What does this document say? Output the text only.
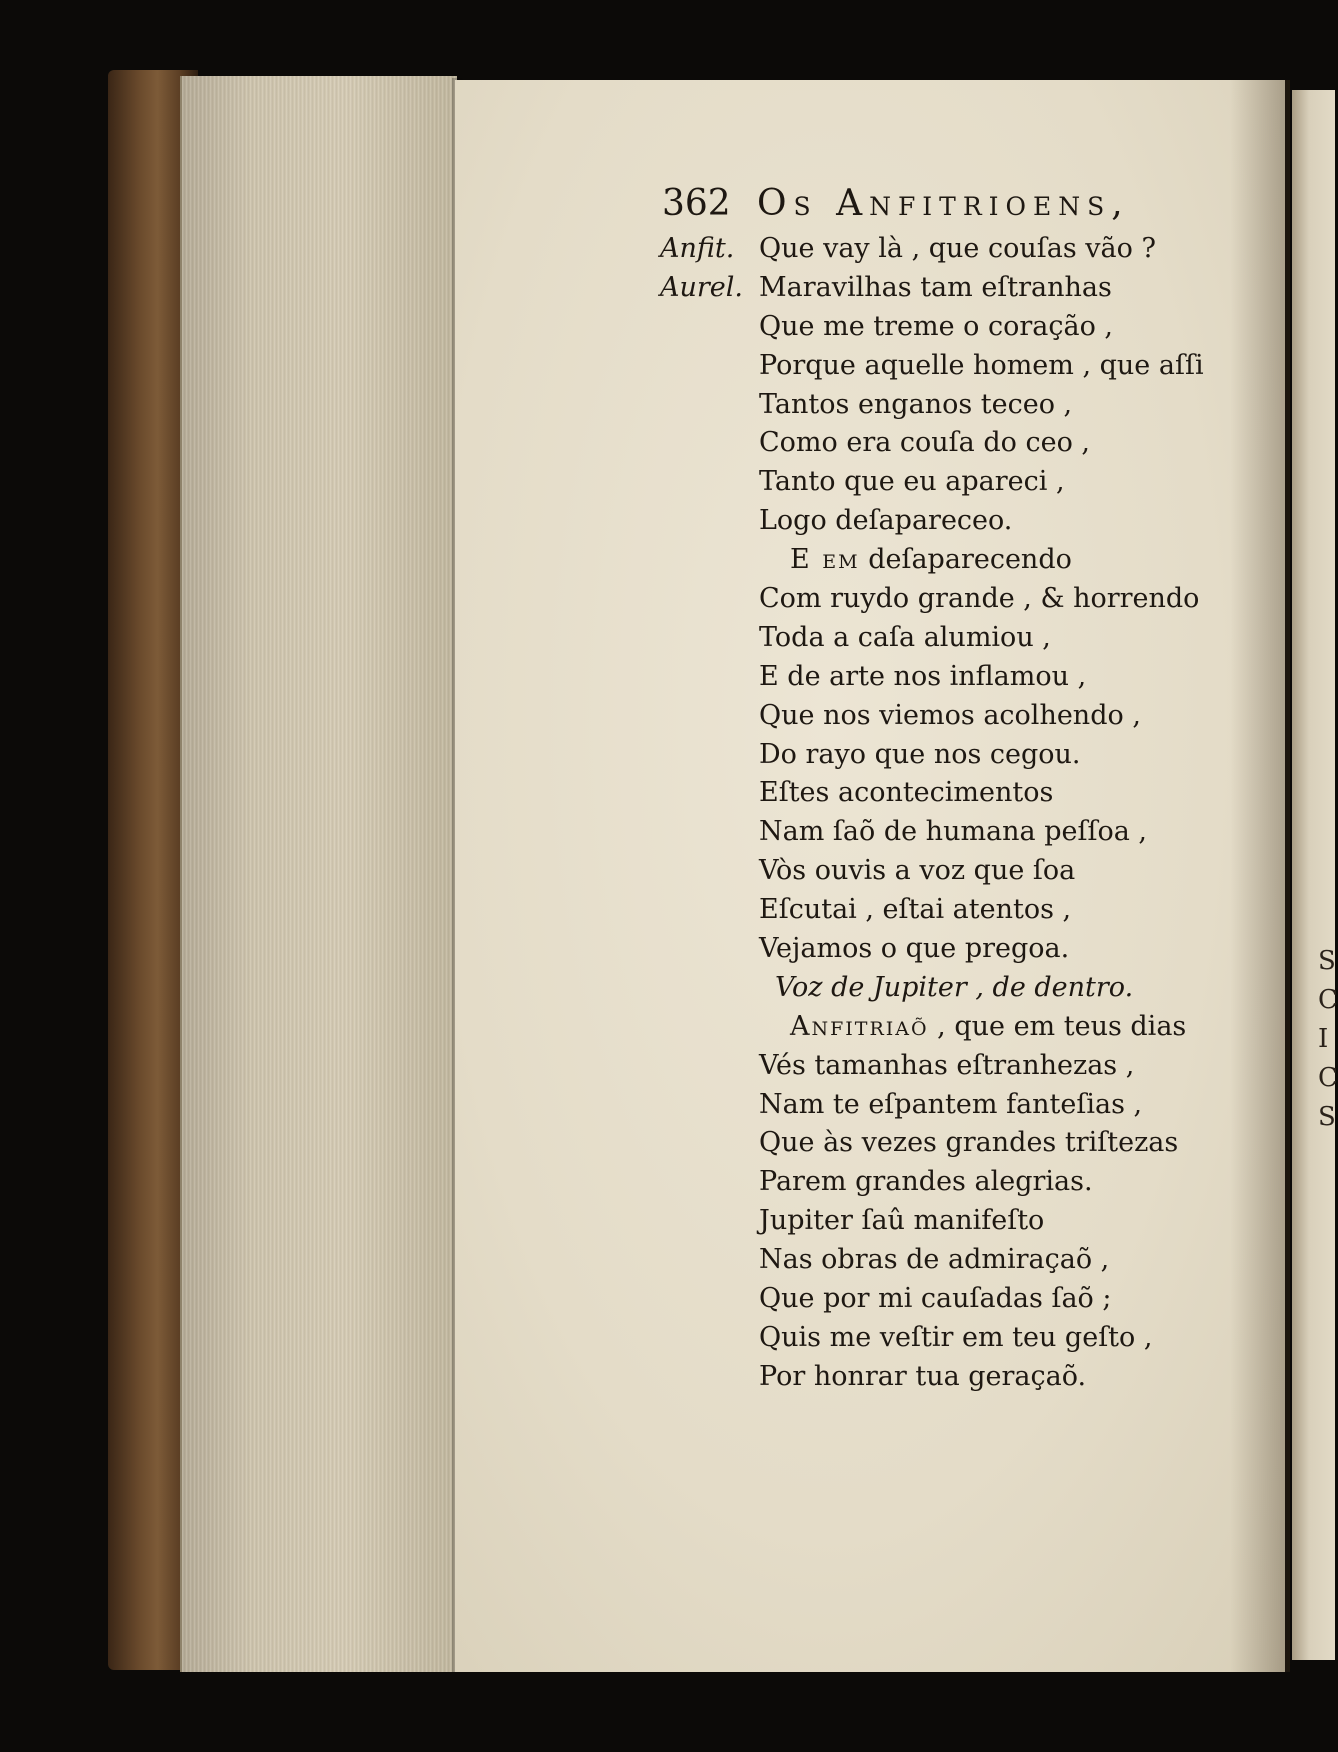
S
C
I
C
S
362 Os Anfitrioens,
Anfit. Que vay là , que couſas vão ?
Aurel. Maravilhas tam eſtranhas
Que me treme o coração ,
Porque aquelle homem , que aſſi
Tantos enganos teceo ,
Como era couſa do ceo ,
Tanto que eu apareci ,
Logo deſapareceo.
E em deſaparecendo
Com ruydo grande , & horrendo
Toda a caſa alumiou ,
E de arte nos inflamou ,
Que nos viemos acolhendo ,
Do rayo que nos cegou.
Eſtes acontecimentos
Nam ſaõ de humana peſſoa ,
Vòs ouvis a voz que ſoa
Eſcutai , eſtai atentos ,
Vejamos o que pregoa.
Voz de Jupiter , de dentro.
Anfitriaõ , que em teus dias
Vés tamanhas eſtranhezas ,
Nam te eſpantem fanteſias ,
Que às vezes grandes triſtezas
Parem grandes alegrias.
Jupiter ſaû manifeſto
Nas obras de admiraçaõ ,
Que por mi cauſadas ſaõ ;
Quis me veſtir em teu geſto ,
Por honrar tua geraçaõ.
